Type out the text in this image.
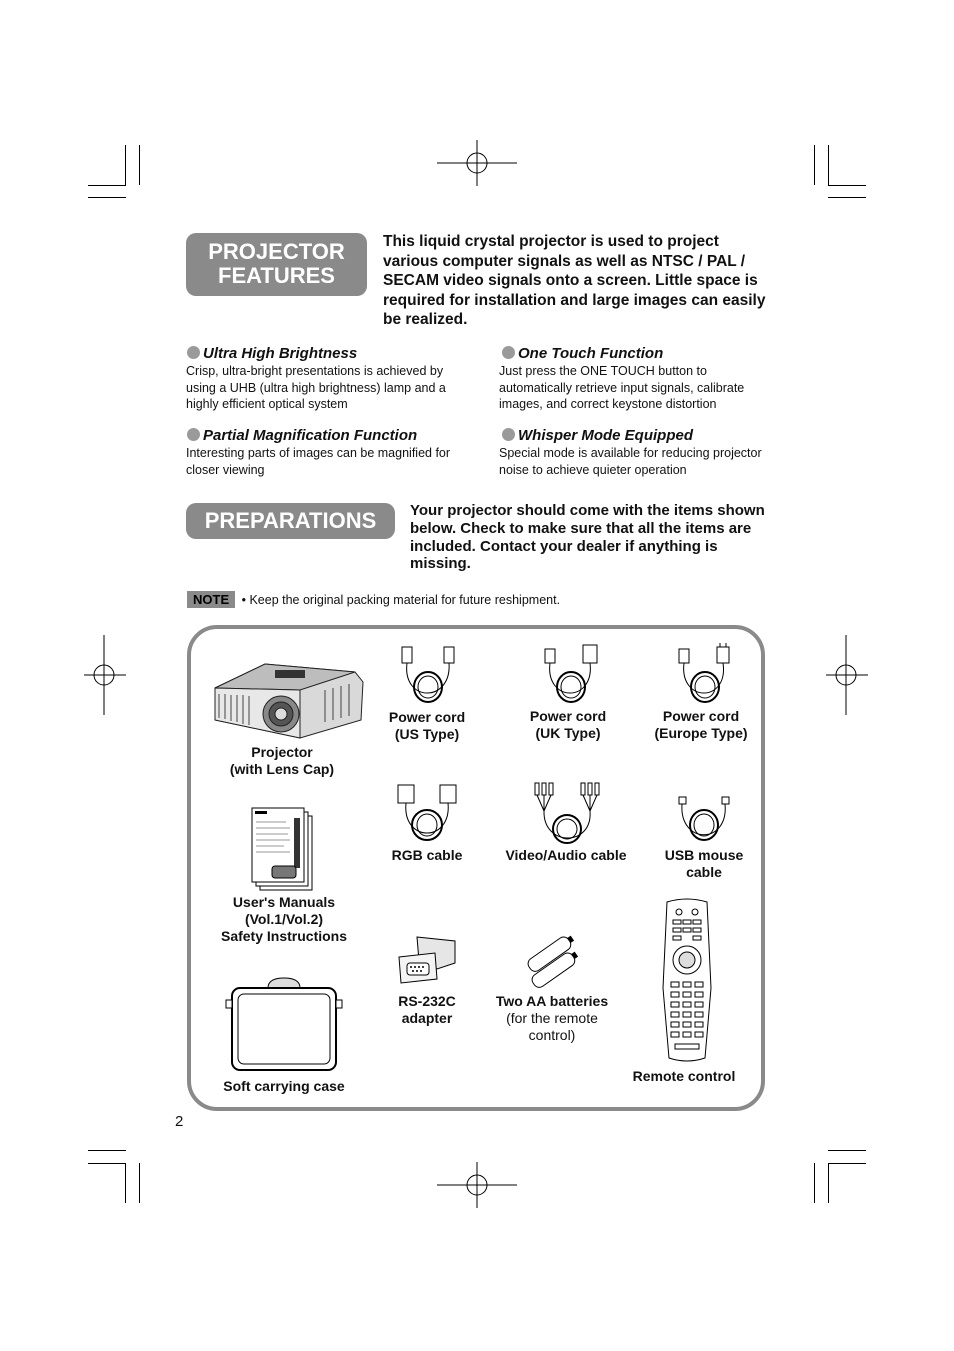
PROJECTOR
FEATURES
This liquid crystal projector is used to project various computer signals as well as NTSC / PAL / SECAM video signals onto a screen. Little space is required for installation and large images can easily be realized.
Ultra High Brightness
Crisp, ultra-bright presentations is achieved by using a UHB (ultra high brightness) lamp and a highly efficient optical system
One Touch Function
Just press the ONE TOUCH button to automatically retrieve input signals, calibrate images, and correct keystone distortion
Partial Magnification Function
Interesting parts of images can be magnified for closer viewing
Whisper Mode Equipped
Special mode is available for reducing projector noise to achieve quieter operation
PREPARATIONS	Your projector should come with the items shown below. Check to make sure that all the items are included. Contact your dealer if anything is missing.
NOTE • Keep the original packing material for future reshipment.
Projector
(with Lens Cap)
Power cord
(US Type)
Power cord
(UK Type)
Power cord
(Europe Type)
RGB cable	Video/Audio cable	USB mouse
cable
User's Manuals
(Vol.1/Vol.2)
Safety Instructions
RS-232C
adapter
Two AA batteries
(for the remote
control)
Remote control
Soft carrying case
2
